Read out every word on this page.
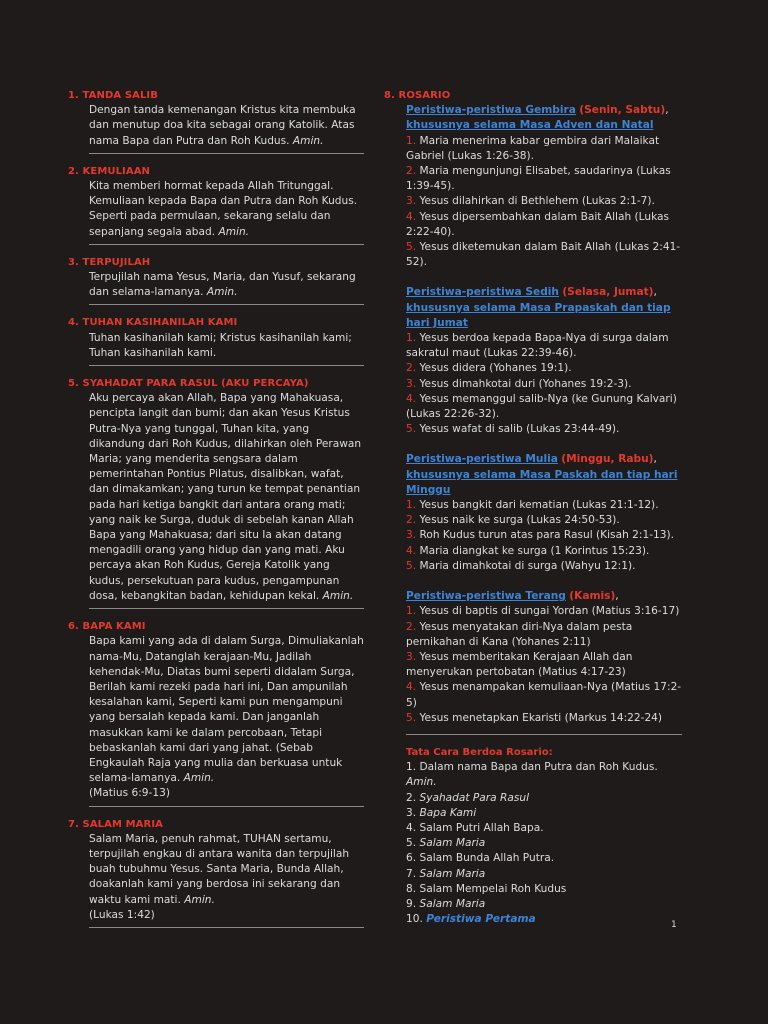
1. TANDA SALIB
Dengan tanda kemenangan Kristus kita membuka dan menutup doa kita sebagai orang Katolik. Atas nama Bapa dan Putra dan Roh Kudus. Amin.
2. KEMULIAAN
Kita memberi hormat kepada Allah Tritunggal. Kemuliaan kepada Bapa dan Putra dan Roh Kudus. Seperti pada permulaan, sekarang selalu dan sepanjang segala abad. Amin.
3. TERPUJILAH
Terpujilah nama Yesus, Maria, dan Yusuf, sekarang dan selama-lamanya. Amin.
4. TUHAN KASIHANILAH KAMI
Tuhan kasihanilah kami; Kristus kasihanilah kami; Tuhan kasihanilah kami.
5. SYAHADAT PARA RASUL (AKU PERCAYA)
Aku percaya akan Allah, Bapa yang Mahakuasa, pencipta langit dan bumi; dan akan Yesus Kristus Putra-Nya yang tunggal, Tuhan kita, yang dikandung dari Roh Kudus, dilahirkan oleh Perawan Maria; yang menderita sengsara dalam pemerintahan Pontius Pilatus, disalibkan, wafat, dan dimakamkan; yang turun ke tempat penantian pada hari ketiga bangkit dari antara orang mati; yang naik ke Surga, duduk di sebelah kanan Allah Bapa yang Mahakuasa; dari situ Ia akan datang mengadili orang yang hidup dan yang mati. Aku percaya akan Roh Kudus, Gereja Katolik yang kudus, persekutuan para kudus, pengampunan dosa, kebangkitan badan, kehidupan kekal. Amin.
6. BAPA KAMI
Bapa kami yang ada di dalam Surga, Dimuliakanlah nama-Mu, Datanglah kerajaan-Mu, Jadilah kehendak-Mu, Diatas bumi seperti didalam Surga, Berilah kami rezeki pada hari ini, Dan ampunilah kesalahan kami, Seperti kami pun mengampuni yang bersalah kepada kami. Dan janganlah masukkan kami ke dalam percobaan, Tetapi bebaskanlah kami dari yang jahat. (Sebab Engkaulah Raja yang mulia dan berkuasa untuk selama-lamanya. Amin.
(Matius 6:9-13)
7. SALAM MARIA
Salam Maria, penuh rahmat, TUHAN sertamu, terpujilah engkau di antara wanita dan terpujilah buah tubuhmu Yesus. Santa Maria, Bunda Allah, doakanlah kami yang berdosa ini sekarang dan waktu kami mati. Amin.
(Lukas 1:42)
8. ROSARIO
Peristiwa-peristiwa Gembira (Senin, Sabtu),
khususnya selama Masa Adven dan Natal
1. Maria menerima kabar gembira dari Malaikat Gabriel (Lukas 1:26-38).
2. Maria mengunjungi Elisabet, saudarinya (Lukas 1:39-45).
3. Yesus dilahirkan di Bethlehem (Lukas 2:1-7).
4. Yesus dipersembahkan dalam Bait Allah (Lukas 2:22-40).
5. Yesus diketemukan dalam Bait Allah (Lukas 2:41-52).
Peristiwa-peristiwa Sedih (Selasa, Jumat),
khususnya selama Masa Prapaskah dan tiap hari Jumat
1. Yesus berdoa kepada Bapa-Nya di surga dalam sakratul maut (Lukas 22:39-46).
2. Yesus didera (Yohanes 19:1).
3. Yesus dimahkotai duri (Yohanes 19:2-3).
4. Yesus memanggul salib-Nya (ke Gunung Kalvari) (Lukas 22:26-32).
5. Yesus wafat di salib (Lukas 23:44-49).
Peristiwa-peristiwa Mulia (Minggu, Rabu),
khususnya selama Masa Paskah dan tiap hari Minggu
1. Yesus bangkit dari kematian (Lukas 21:1-12).
2. Yesus naik ke surga (Lukas 24:50-53).
3. Roh Kudus turun atas para Rasul (Kisah 2:1-13).
4. Maria diangkat ke surga (1 Korintus 15:23).
5. Maria dimahkotai di surga (Wahyu 12:1).
Peristiwa-peristiwa Terang (Kamis),
1. Yesus di baptis di sungai Yordan (Matius 3:16-17)
2. Yesus menyatakan diri-Nya dalam pesta pernikahan di Kana (Yohanes 2:11)
3. Yesus memberitakan Kerajaan Allah dan menyerukan pertobatan (Matius 4:17-23)
4. Yesus menampakan kemuliaan-Nya (Matius 17:2-5)
5. Yesus menetapkan Ekaristi (Markus 14:22-24)
Tata Cara Berdoa Rosario:
1. Dalam nama Bapa dan Putra dan Roh Kudus. Amin.
2. Syahadat Para Rasul
3. Bapa Kami
4. Salam Putri Allah Bapa.
5. Salam Maria
6. Salam Bunda Allah Putra.
7. Salam Maria
8. Salam Mempelai Roh Kudus
9. Salam Maria
10. Peristiwa Pertama	1
